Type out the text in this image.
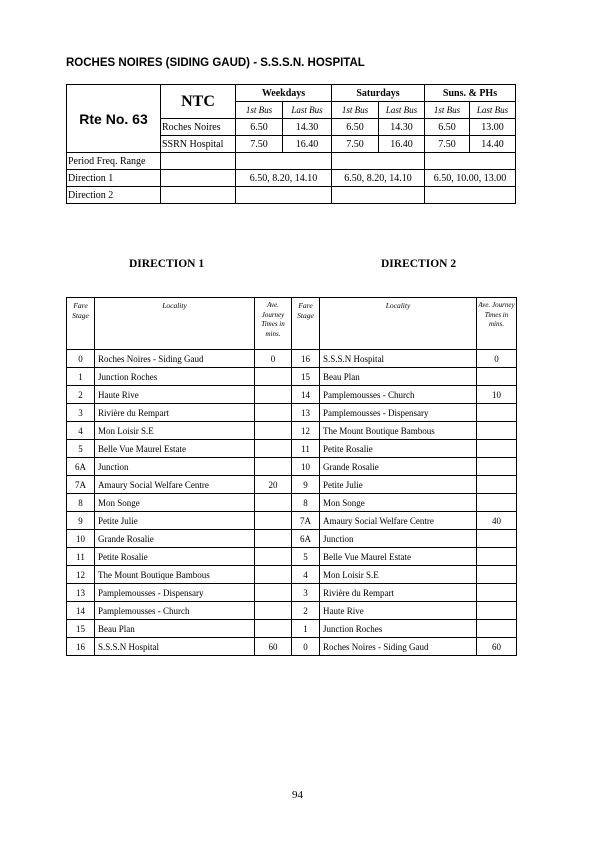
ROCHES NOIRES (SIDING GAUD) - S.S.S.N. HOSPITAL
Rte No. 63	NTC	Weekdays		Saturdays		Suns. & PHs	
		1st Bus	Last Bus	1st Bus	Last Bus	1st Bus	Last Bus
	Roches Noires	6.50	14.30	6.50	14.30	6.50	13.00
	SSRN Hospital	7.50	16.40	7.50	16.40	7.50	14.40
Period Freq. Range							
Direction 1		6.50, 8.20, 14.10		6.50, 8.20, 14.10		6.50, 10.00, 13.00	
Direction 2							
DIRECTION 1	DIRECTION 2
Fare Stage	Locality	Ave. Journey Times in mins.	Fare Stage	Locality	Ave. Journey Times in mins.
0	Roches Noires - Siding Gaud	0	16	S.S.S.N Hospital	0
1	Junction Roches		15	Beau Plan	
2	Haute Rive		14	Pamplemousses - Church	10
3	Rivière du Rempart		13	Pamplemousses - Dispensary	
4	Mon Loisir S.E		12	The Mount Boutique Bambous	
5	Belle Vue Maurel Estate		11	Petite Rosalie	
6A	Junction		10	Grande Rosalie	
7A	Amaury Social Welfare Centre	20	9	Petite Julie	
8	Mon Songe		8	Mon Songe	
9	Petite Julie		7A	Amaury Social Welfare Centre	40
10	Grande Rosalie		6A	Junction	
11	Petite Rosalie		5	Belle Vue Maurel Estate	
12	The Mount Boutique Bambous		4	Mon Loisir S.E	
13	Pamplemousses - Dispensary		3	Rivière du Rempart	
14	Pamplemousses - Church		2	Haute Rive	
15	Beau Plan		1	Junction Roches	
16	S.S.S.N Hospital	60	0	Roches Noires - Siding Gaud	60
94
